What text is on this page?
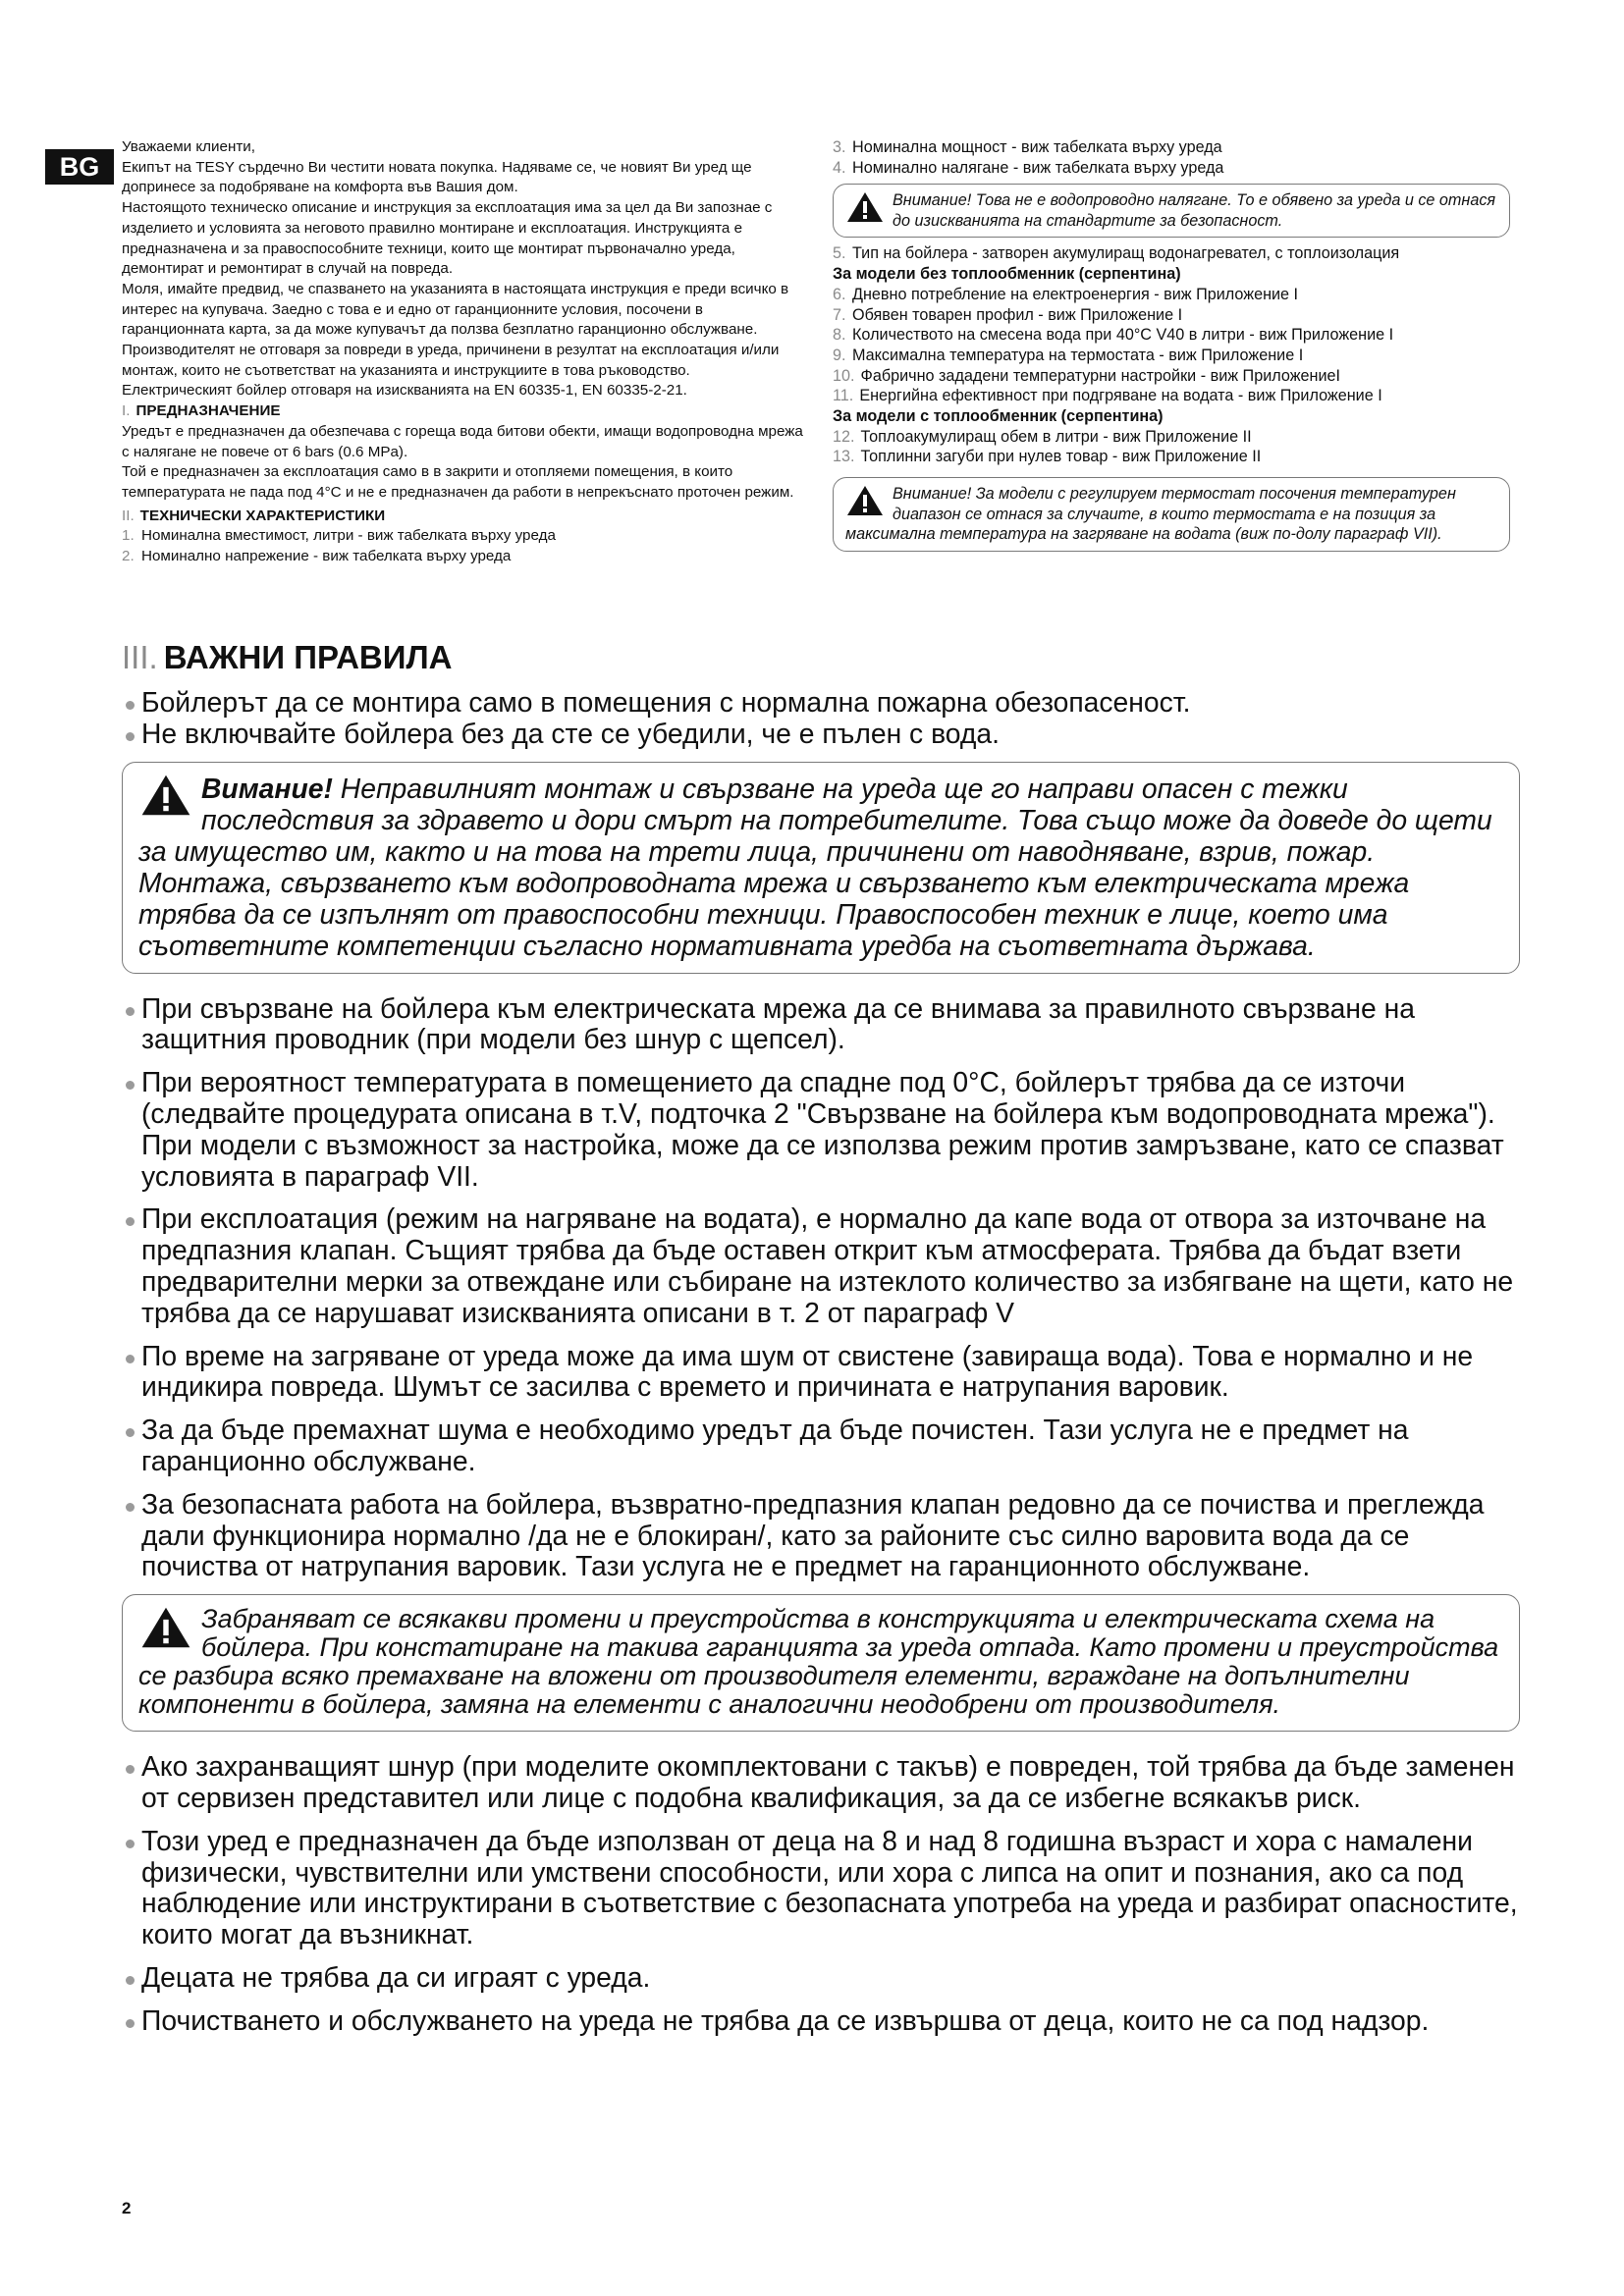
BG

Уважаеми клиенти,

Екипът на TESY сърдечно Ви честити новата покупка. Надяваме се, че новият Ви уред ще допринесе за подобряване на комфорта във Вашия дом.

Настоящото техническо описание и инструкция за експлоатация има за цел да Ви запознае с изделието и условията за неговото правилно монтиране и експлоатация. Инструкцията е предназначена и за правоспособните техници, които ще монтират първоначално уреда, демонтират и ремонтират в случай на повреда.

Моля, имайте предвид, че спазването на указанията в настоящата инструкция е преди всичко в интерес на купувача. Заедно с това е и едно от гаранционните условия, посочени в гаранционната карта, за да може купувачът да ползва безплатно гаранционно обслужване. Производителят не отговаря за повреди в уреда, причинени в резултат на експлоатация и/или монтаж, които не съответстват на указанията и инструкциите в това ръководство.

Електрическият бойлер отговаря на изискванията на EN 60335-1, EN 60335-2-21.

I. ПРЕДНАЗНАЧЕНИЕ

Уредът е предназначен да обезпечава с гореща вода битови обекти, имащи водопроводна мрежа с налягане не повече от 6 bars (0.6 MPa).

Той е предназначен за експлоатация само в в закрити и отопляеми помещения, в които температурата не пада под 4°C и не е предназначен да работи в непрекъснато проточен режим.

II. ТЕХНИЧЕСКИ ХАРАКТЕРИСТИКИ

1. Номинална вместимост, литри - виж табелката върху уреда

2. Номинално напрежение - виж табелката върху уреда

3. Номинална мощност - виж табелката върху уреда

4. Номинално налягане - виж табелката върху уреда

Внимание! Това не е водопроводно налягане. То е обявено за уреда и се отнася до изискванията на стандартите за безопасност.

5. Тип на бойлера - затворен акумулиращ водонагревател, с топлоизолация

За модели без топлообменник (серпентина)

6. Дневно потребление на електроенергия - виж Приложение I

7. Обявен товарен профил - виж Приложение I

8. Количеството на смесена вода при 40°C V40 в литри - виж Приложение I

9. Максимална температура на термостата - виж Приложение I

10. Фабрично зададени температурни настройки - виж ПриложениеI

11. Енергийна ефективност при подгряване на водата - виж Приложение I

За модели с топлообменник (серпентина)

12. Топлоакумулиращ обем в литри - виж Приложение II

13. Топлинни загуби при нулев товар - виж Приложение II

Внимание! За модели с регулируем термостат посочения температурен диапазон се отнася за случаите, в които термостата е на позиция за максимална температура на загряване на водата (виж по-долу параграф VII).
III. ВАЖНИ ПРАВИЛА

Бойлерът да се монтира само в помещения с нормална пожарна обезопасеност.

Не включвайте бойлера без да сте се убедили, че е пълен с вода.

Вимание! Неправилният монтаж и свързване на уреда ще го направи опасен с тежки последствия за здравето и дори смърт на потребителите. Това също може да доведе до щети за имущество им, както и на това на трети лица, причинени от наводняване, взрив, пожар. Монтажа, свързването към водопроводната мрежа и свързването към електрическата мрежа трябва да се изпълнят от правоспособни техници. Правоспособен техник е лице, което има съответните компетенции съгласно нормативната уредба на съответната държава.

При свързване на бойлера към електрическата мрежа да се внимава за правилното свързване на защитния проводник (при модели без шнур с щепсел).

При вероятност температурата в помещението да спадне под 0°C, бойлерът трябва да се източи (следвайте процедурата описана в т.V, подточка 2 "Свързване на бойлера към водопроводната мрежа"). При модели с възможност за настройка, може да се използва режим против замръзване, като се спазват условията в параграф VII.

При експлоатация (режим на нагряване на водата), е нормално да капе вода от отвора за източване на предпазния клапан. Същият трябва да бъде оставен открит към атмосферата. Трябва да бъдат взети предварителни мерки за отвеждане или събиране на изтеклото количество за избягване на щети, като не трябва да се нарушават изискванията описани в т. 2 от параграф V

По време на загряване от уреда може да има шум от свистене (завираща вода). Това е нормално и не индикира повреда. Шумът се засилва с времето и причината е натрупания варовик.

За да бъде премахнат шума е необходимо уредът да бъде почистен. Тази услуга не е предмет на гаранционно обслужване.

За безопасната работа на бойлера, възвратно-предпазния клапан редовно да се почиства и преглежда дали функционира нормално /да не е блокиран/, като за районите със силно варовита вода да се почиства от натрупания варовик. Тази услуга не е предмет на гаранционното обслужване.

Забраняват се всякакви промени и преустройства в конструкцията и електрическата схема на бойлера. При констатиране на такива гаранцията за уреда отпада. Като промени и преустройства се разбира всяко премахване на вложени от производителя елементи, вграждане на допълнителни компоненти в бойлера, замяна на елементи с аналогични неодобрени от производителя.

Ако захранващият шнур (при моделите окомплектовани с такъв) е повреден, той трябва да бъде заменен от сервизен представител или лице с подобна квалификация, за да се избегне всякакъв риск.

Този уред е предназначен да бъде използван от деца на 8 и над 8 годишна възраст и хора с намалени физически, чувствителни или умствени способности, или хора с липса на опит и познания, ако са под наблюдение или инструктирани в съответствие с безопасната употреба на уреда и разбират опасностите, които могат да възникнат.

Децата не трябва да си играят с уреда.

Почистването и обслужването на уреда не трябва да се извършва от деца, които не са под надзор.

2
